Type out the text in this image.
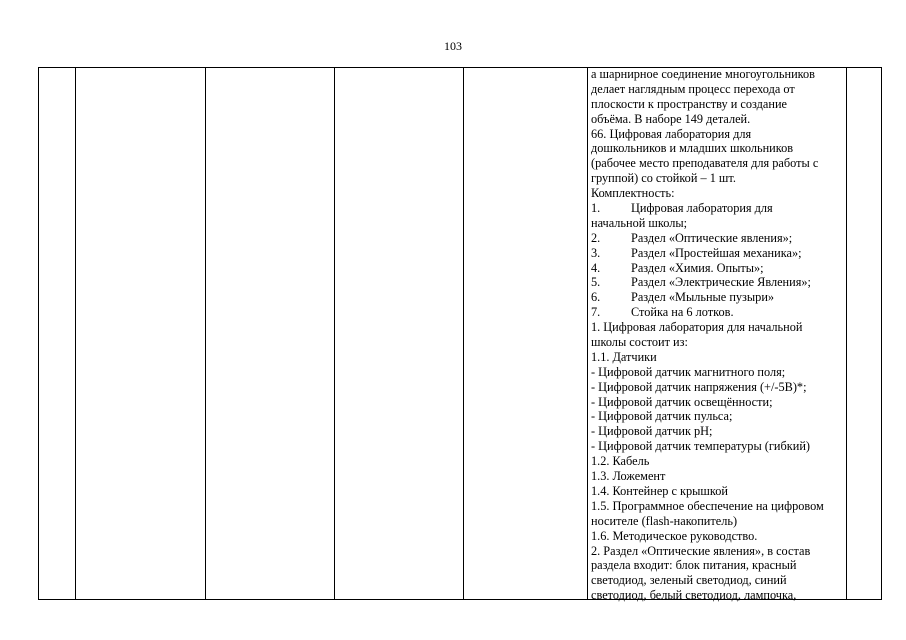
103
а шарнирное соединение многоугольников
делает наглядным процесс перехода от
плоскости к пространству и создание
объёма. В наборе 149 деталей.
66. Цифровая лаборатория для
дошкольников и младших школьников
(рабочее место преподавателя для работы с
группой) со стойкой – 1 шт.
Комплектность:
1.	Цифровая лаборатория для
начальной школы;
2.	Раздел «Оптические явления»;
3.	Раздел «Простейшая механика»;
4.	Раздел «Химия. Опыты»;
5.	Раздел «Электрические Явления»;
6.	Раздел «Мыльные пузыри»
7.	Стойка на 6 лотков.
1. Цифровая лаборатория для начальной
школы состоит из:
1.1. Датчики
- Цифровой датчик магнитного поля;
- Цифровой датчик напряжения (+/-5В)*;
- Цифровой датчик освещённости;
- Цифровой датчик пульса;
- Цифровой датчик pH;
- Цифровой датчик температуры (гибкий)
1.2. Кабель
1.3. Ложемент
1.4. Контейнер с крышкой
1.5. Программное обеспечение на цифровом
носителе (flash-накопитель)
1.6. Методическое руководство.
2. Раздел «Оптические явления», в состав
раздела входит: блок питания, красный
светодиод, зеленый светодиод, синий
светодиод, белый светодиод, лампочка,
